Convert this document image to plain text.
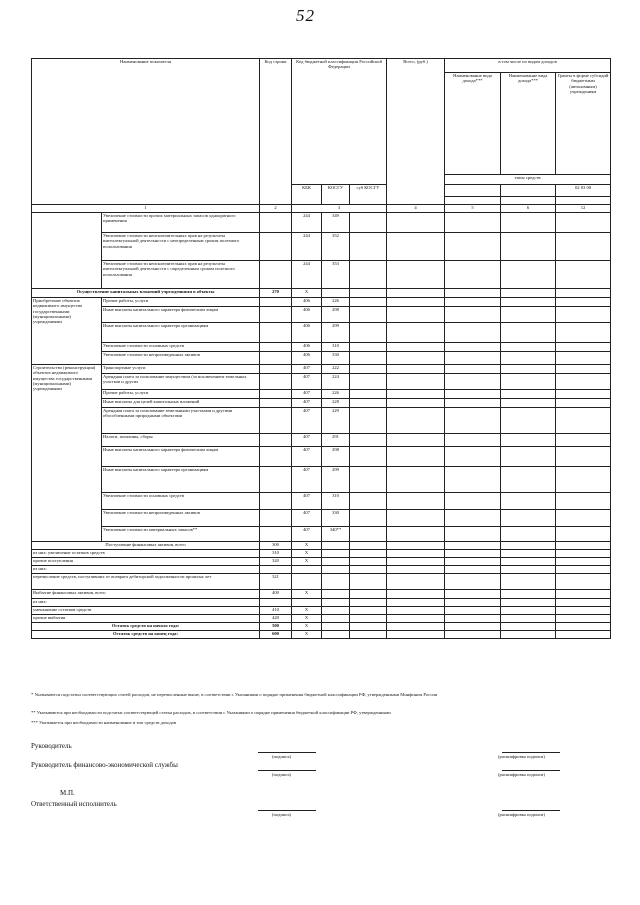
52
Наименование показателя		Код строки	Код бюджетной классификации Российской Федерации			Всего, (руб.)	в том числе по видам доходов		
							Наименование вида дохода***	Наименование вида дохода***	Гранты в форме субсидий бюджетным (автономным) учреждениям
							типы средств		
			КБК	КОСГУ	суб КОСГУ				02 03 00

1		2	3			4	5	6	12
	Увеличение стоимости прочих материальных запасов однократного применения		244	349					
	Увеличение стоимости неисключительных прав на результаты интеллектуальной деятельности с неопределенным сроком полезного использования		244	352					
	Увеличение стоимости неисключительных прав на результаты интеллектуальной деятельности с определенным сроком полезного использования		244	353					
Осуществление капитальных вложений учреждениями в объекты		270	X						
Приобретение объектов недвижимого имущества государственными (муниципальными) учреждениями	Прочие работы, услуги		406	226					
	Иные выплаты капитального характера физическим лицам		406	298					
	Иные выплаты капитального характера организациям		406	299					
	Увеличение стоимости основных средств		406	310					
	Увеличение стоимости непроизведенных активов		406	330					
Строительство (реконструкция) объектов недвижимого имущества государственными (муниципальными) учреждениями	Транспортные услуги		407	222					
	Арендная плата за пользование имуществом (за исключением земельных участков и других		407	224					
	Прочие работы, услуги		407	226					
	Иные выплаты для целей капитальных вложений		407	228					
	Арендная плата за пользование земельными участками и другими обособленными природными объектами		407	229					
	Налоги, пошлины, сборы		407	291					
	Иные выплаты капитального характера физическим лицам		407	298					
	Иные выплаты капитального характера организациям		407	299					
	Увеличение стоимости основных средств		407	310					
	Увеличение стоимости непроизведенных активов		407	330					
	Увеличение стоимости материальных запасов**		407	340**					
Поступление финансовых активов, всего		300	X						
из них: увеличение остатков средств		310	X						
прочие поступления		320	X						
из них:									
перечисление средств, поступивших от возврата дебиторской задолженности прошлых лет		321							
Выбытие финансовых активов, всего		400	X						
из них:									
уменьшение остатков средств		410	X						
прочие выбытия		420	X						
Остаток средств на начало года:		500	X						
Остаток средств на конец года:		600	X						
* Указываются подстатьи соответствующих статей расходов, не перечисленные выше, в соответствии с Указаниями о порядке применения бюджетной классификации РФ, утвержденными Минфином России
** Указываются при необходимости подстатьи соответствующей статьи расходов, в соответствии с Указаниями о порядке применения бюджетной классификации РФ, утвержденными
*** Указывается при необходимости наименование и тип средств доходов
Руководитель
(подпись)	(расшифровка подписи)
Руководитель финансово-экономической службы
(подпись)	(расшифровка подписи)
М.П.
Ответственный исполнитель
(подпись)	(расшифровка подписи)
